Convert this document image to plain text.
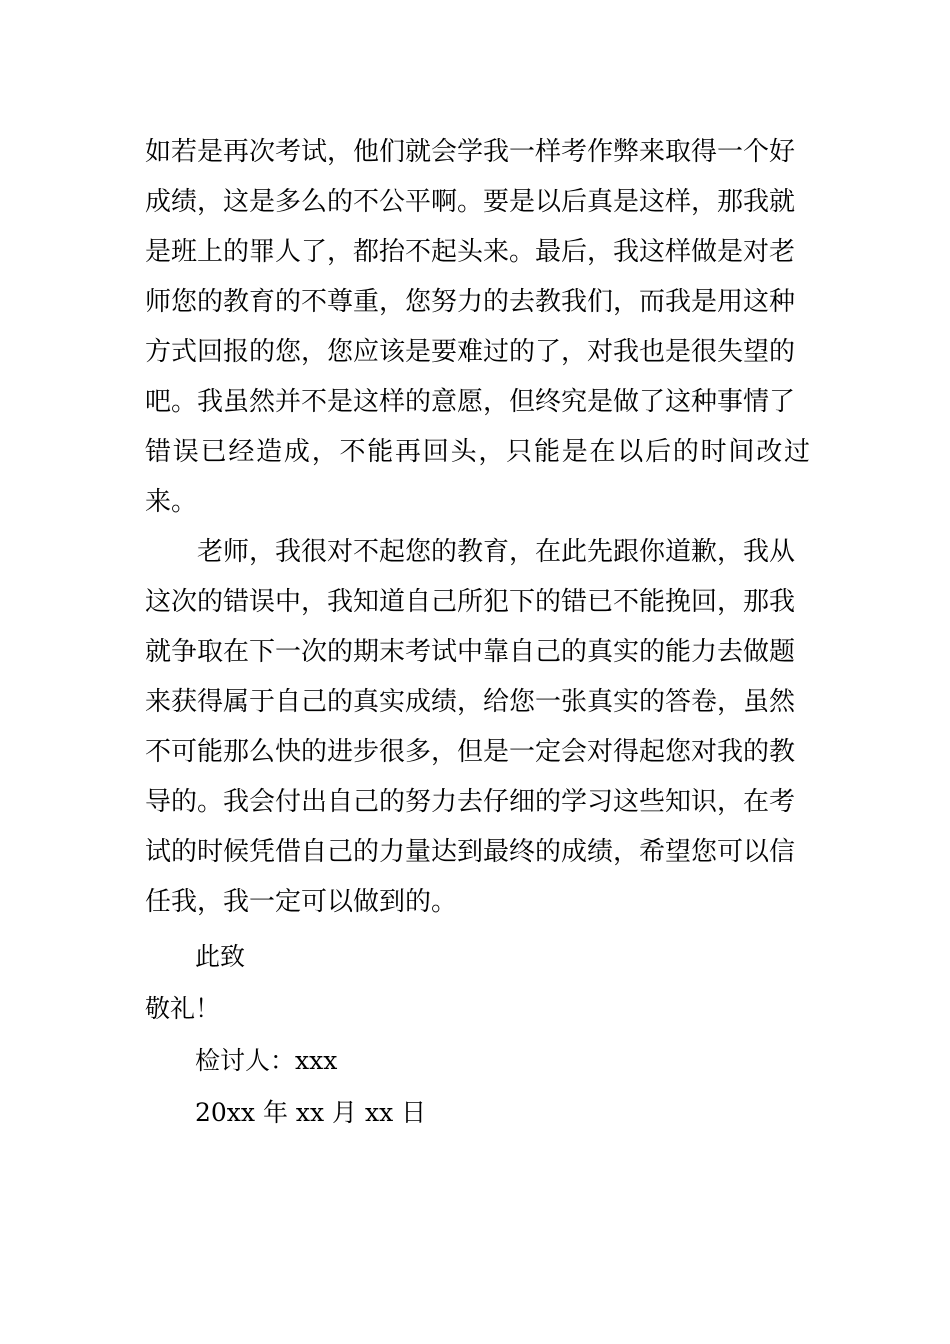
如若是再次考试，他们就会学我一样考作弊来取得一个好

成绩，这是多么的不公平啊。要是以后真是这样，那我就

是班上的罪人了，都抬不起头来。最后，我这样做是对老

师您的教育的不尊重，您努力的去教我们，而我是用这种

方式回报的您，您应该是要难过的了，对我也是很失望的

吧。我虽然并不是这样的意愿，但终究是做了这种事情了

错误已经造成，不能再回头，只能是在以后的时间改过来。

老师，我很对不起您的教育，在此先跟你道歉，我从

这次的错误中，我知道自己所犯下的错已不能挽回，那我

就争取在下一次的期末考试中靠自己的真实的能力去做题

来获得属于自己的真实成绩，给您一张真实的答卷，虽然

不可能那么快的进步很多，但是一定会对得起您对我的教

导的。我会付出自己的努力去仔细的学习这些知识，在考

试的时候凭借自己的力量达到最终的成绩，希望您可以信

任我，我一定可以做到的。

此致

敬礼！

检讨人：xxx

20xx 年 xx 月 xx 日
